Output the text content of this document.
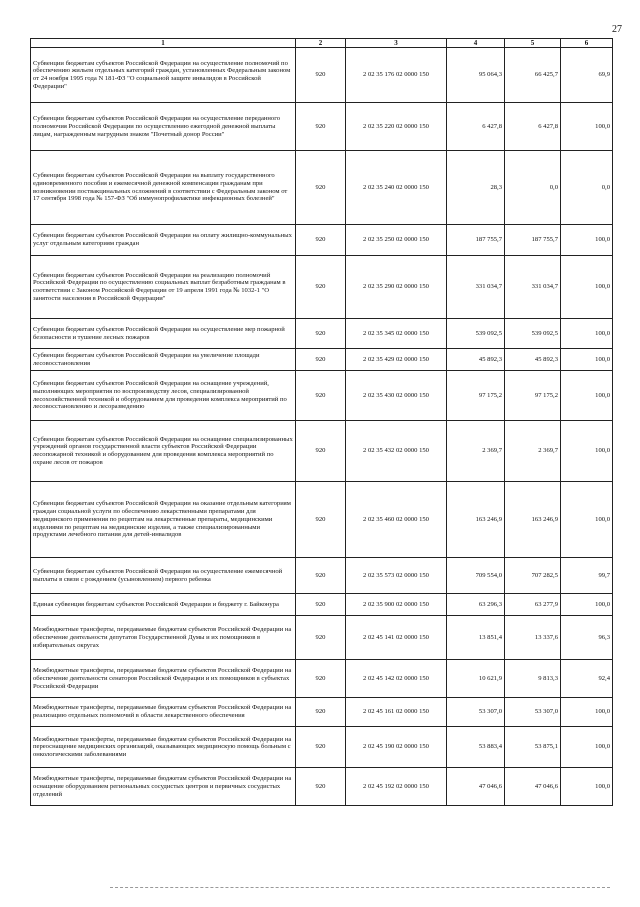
27
1	2	3	4	5	6
Субвенции бюджетам субъектов Российской Федерации на осуществление полномочий по обеспечению жильем отдельных категорий граждан, установленных Федеральным законом от 24 ноября 1995 года N 181-ФЗ "О социальной защите инвалидов в Российской Федерации"	920	2 02 35 176 02 0000 150	95 064,3	66 425,7	69,9
Субвенции бюджетам субъектов Российской Федерации на осуществление переданного полномочия Российской Федерации по осуществлению ежегодной денежной выплаты лицам, награжденным нагрудным знаком "Почетный донор России"	920	2 02 35 220 02 0000 150	6 427,8	6 427,8	100,0
Субвенции бюджетам субъектов Российской Федерации на выплату государственного единовременного пособия и ежемесячной денежной компенсации гражданам при возникновении поствакцинальных осложнений в соответствии с Федеральным законом от 17 сентября 1998 года № 157-ФЗ "Об иммунопрофилактике инфекционных болезней"	920	2 02 35 240 02 0000 150	28,3	0,0	0,0
Субвенции бюджетам субъектов Российской Федерации на оплату жилищно-коммунальных услуг отдельным категориям граждан	920	2 02 35 250 02 0000 150	187 755,7	187 755,7	100,0
Субвенции бюджетам субъектов Российской Федерации на реализацию полномочий Российской Федерации по осуществлению социальных выплат безработным гражданам в соответствии с Законом Российской Федерации от 19 апреля 1991 года № 1032-1 "О занятости населения в Российской Федерации"	920	2 02 35 290 02 0000 150	331 034,7	331 034,7	100,0
Субвенции бюджетам субъектов Российской Федерации на осуществление мер пожарной безопасности и тушение лесных пожаров	920	2 02 35 345 02 0000 150	539 092,5	539 092,5	100,0
Субвенции бюджетам субъектов Российской Федерации на увеличение площади лесовосстановления	920	2 02 35 429 02 0000 150	45 892,3	45 892,3	100,0
Субвенции бюджетам субъектов Российской Федерации на оснащение учреждений, выполняющих мероприятия по воспроизводству лесов, специализированной лесохозяйственной техникой и оборудованием для проведения комплекса мероприятий по лесовосстановлению и лесоразведению	920	2 02 35 430 02 0000 150	97 175,2	97 175,2	100,0
Субвенции бюджетам субъектов Российской Федерации на оснащение специализированных учреждений органов государственной власти субъектов Российской Федерации лесопожарной техникой и оборудованием для проведения комплекса мероприятий по охране лесов от пожаров	920	2 02 35 432 02 0000 150	2 369,7	2 369,7	100,0
Субвенции бюджетам субъектов Российской Федерации на оказание отдельным категориям граждан социальной услуги по обеспечению лекарственными препаратами для медицинского применения по рецептам на лекарственные препараты, медицинскими изделиями по рецептам на медицинские изделия, а также специализированными продуктами лечебного питания для детей-инвалидов	920	2 02 35 460 02 0000 150	163 246,9	163 246,9	100,0
Субвенции бюджетам субъектов Российской Федерации на осуществление ежемесячной выплаты в связи с рождением (усыновлением) первого ребенка	920	2 02 35 573 02 0000 150	709 554,0	707 282,5	99,7
Единая субвенция бюджетам субъектов Российской Федерации и бюджету г. Байконура	920	2 02 35 900 02 0000 150	63 296,3	63 277,9	100,0
Межбюджетные трансферты, передаваемые бюджетам субъектов Российской Федерации на обеспечение деятельности депутатов Государственной Думы и их помощников в избирательных округах	920	2 02 45 141 02 0000 150	13 851,4	13 337,6	96,3
Межбюджетные трансферты, передаваемые бюджетам субъектов Российской Федерации на обеспечение деятельности сенаторов Российской Федерации и их помощников в субъектах Российской Федерации	920	2 02 45 142 02 0000 150	10 621,9	9 813,3	92,4
Межбюджетные трансферты, передаваемые бюджетам субъектов Российской Федерации на реализацию отдельных полномочий в области лекарственного обеспечения	920	2 02 45 161 02 0000 150	53 307,0	53 307,0	100,0
Межбюджетные трансферты, передаваемые бюджетам субъектов Российской Федерации на переоснащение медицинских организаций, оказывающих медицинскую помощь больным с онкологическими заболеваниями	920	2 02 45 190 02 0000 150	53 883,4	53 875,1	100,0
Межбюджетные трансферты, передаваемые бюджетам субъектов Российской Федерации на оснащение оборудованием региональных сосудистых центров и первичных сосудистых отделений	920	2 02 45 192 02 0000 150	47 046,6	47 046,6	100,0
